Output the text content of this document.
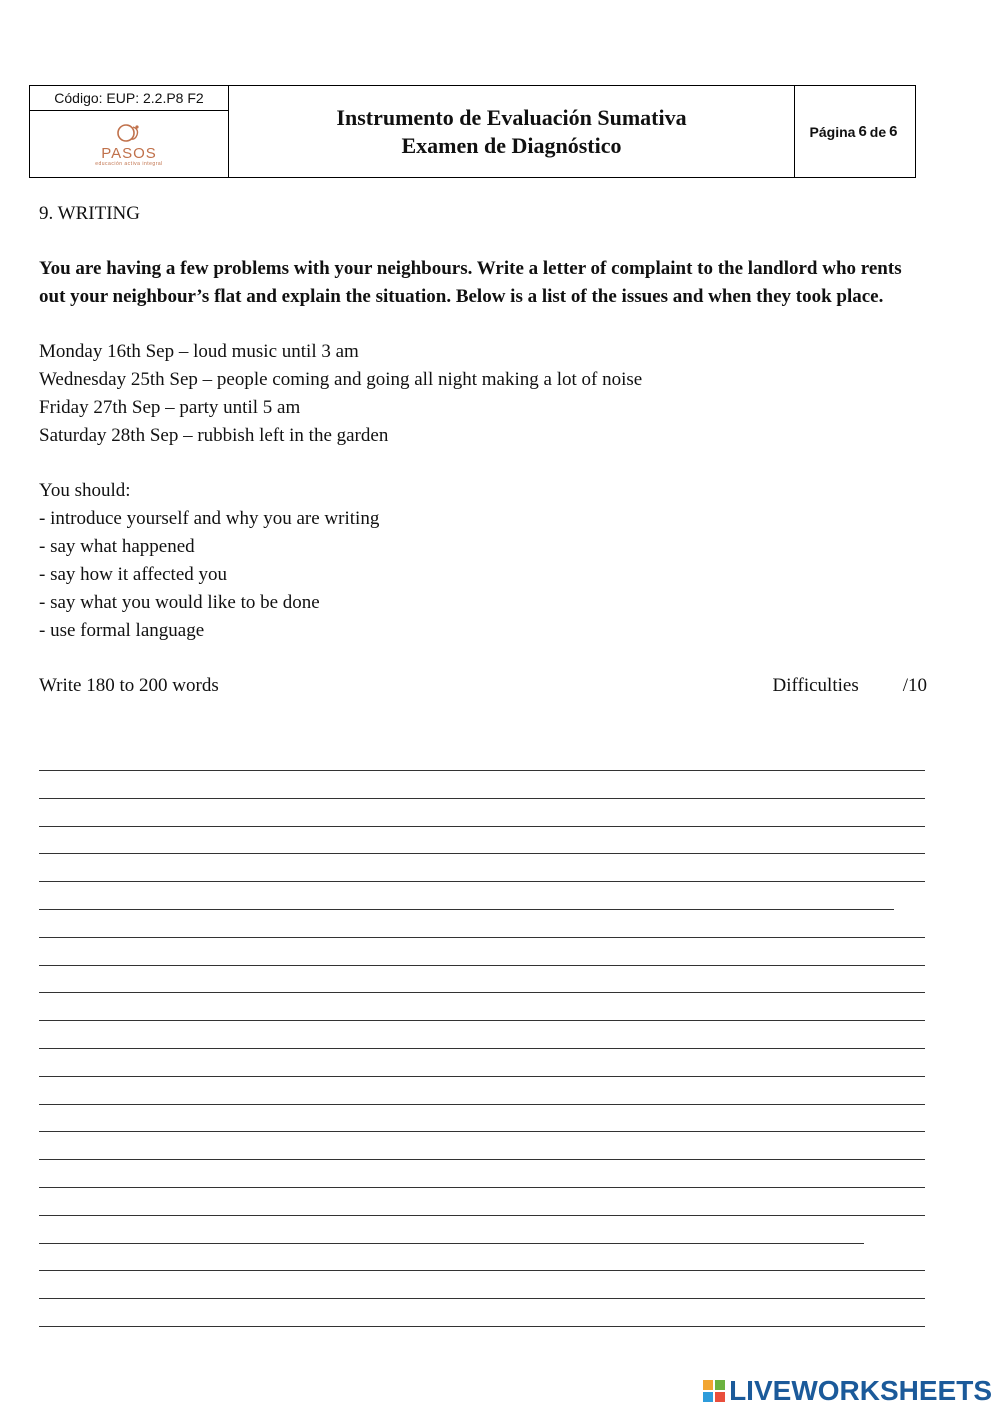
Código: EUP: 2.2.P8 F2
PASOS
educación activa integral
Instrumento de Evaluación Sumativa
Examen de Diagnóstico
Página 6 de 6
9. WRITING
You are having a few problems with your neighbours. Write a letter of complaint to the landlord who rents out your neighbour’s flat and explain the situation. Below is a list of the issues and when they took place.
Monday 16th Sep – loud music until 3 am
Wednesday 25th Sep – people coming and going all night making a lot of noise
Friday 27th Sep – party until 5 am
Saturday 28th Sep – rubbish left in the garden
You should:
- introduce yourself and why you are writing
- say what happened
- say how it affected you
- say what you would like to be done
- use formal language
Write 180 to 200 words	Difficulties /10
LIVEWORKSHEETS
